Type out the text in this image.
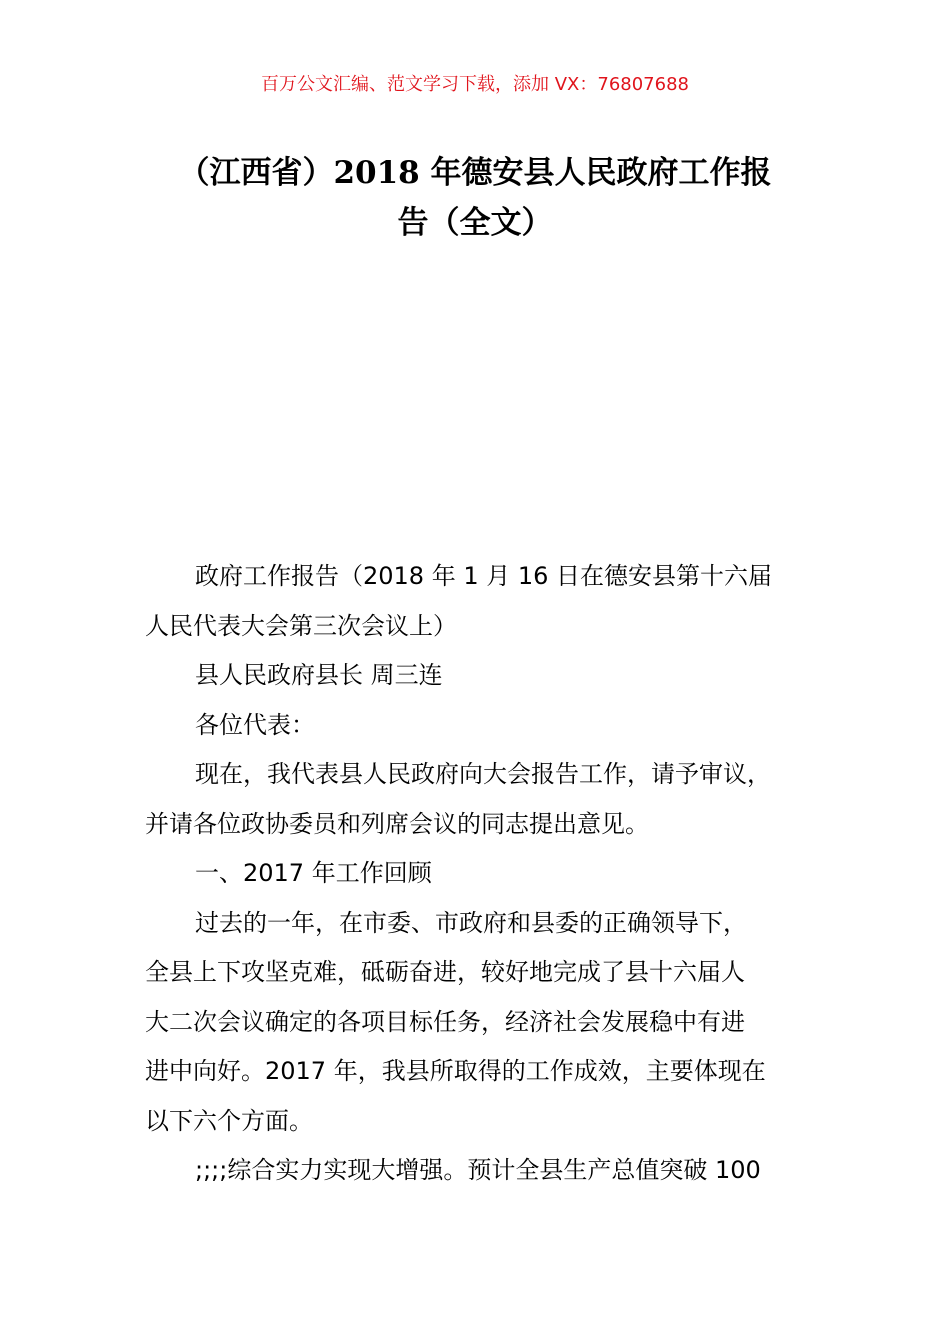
百万公文汇编、范文学习下载，添加 VX：76807688
（江西省）2018 年德安县人民政府工作报
告（全文）
政府工作报告（2018 年 1 月 16 日在德安县第十六届
人民代表大会第三次会议上）
县人民政府县长 周三连
各位代表：
现在，我代表县人民政府向大会报告工作，请予审议，
并请各位政协委员和列席会议的同志提出意见。
一、2017 年工作回顾
过去的一年，在市委、市政府和县委的正确领导下，
全县上下攻坚克难，砥砺奋进，较好地完成了县十六届人
大二次会议确定的各项目标任务，经济社会发展稳中有进
进中向好。2017 年，我县所取得的工作成效，主要体现在
以下六个方面。
;;;;综合实力实现大增强。预计全县生产总值突破 100
